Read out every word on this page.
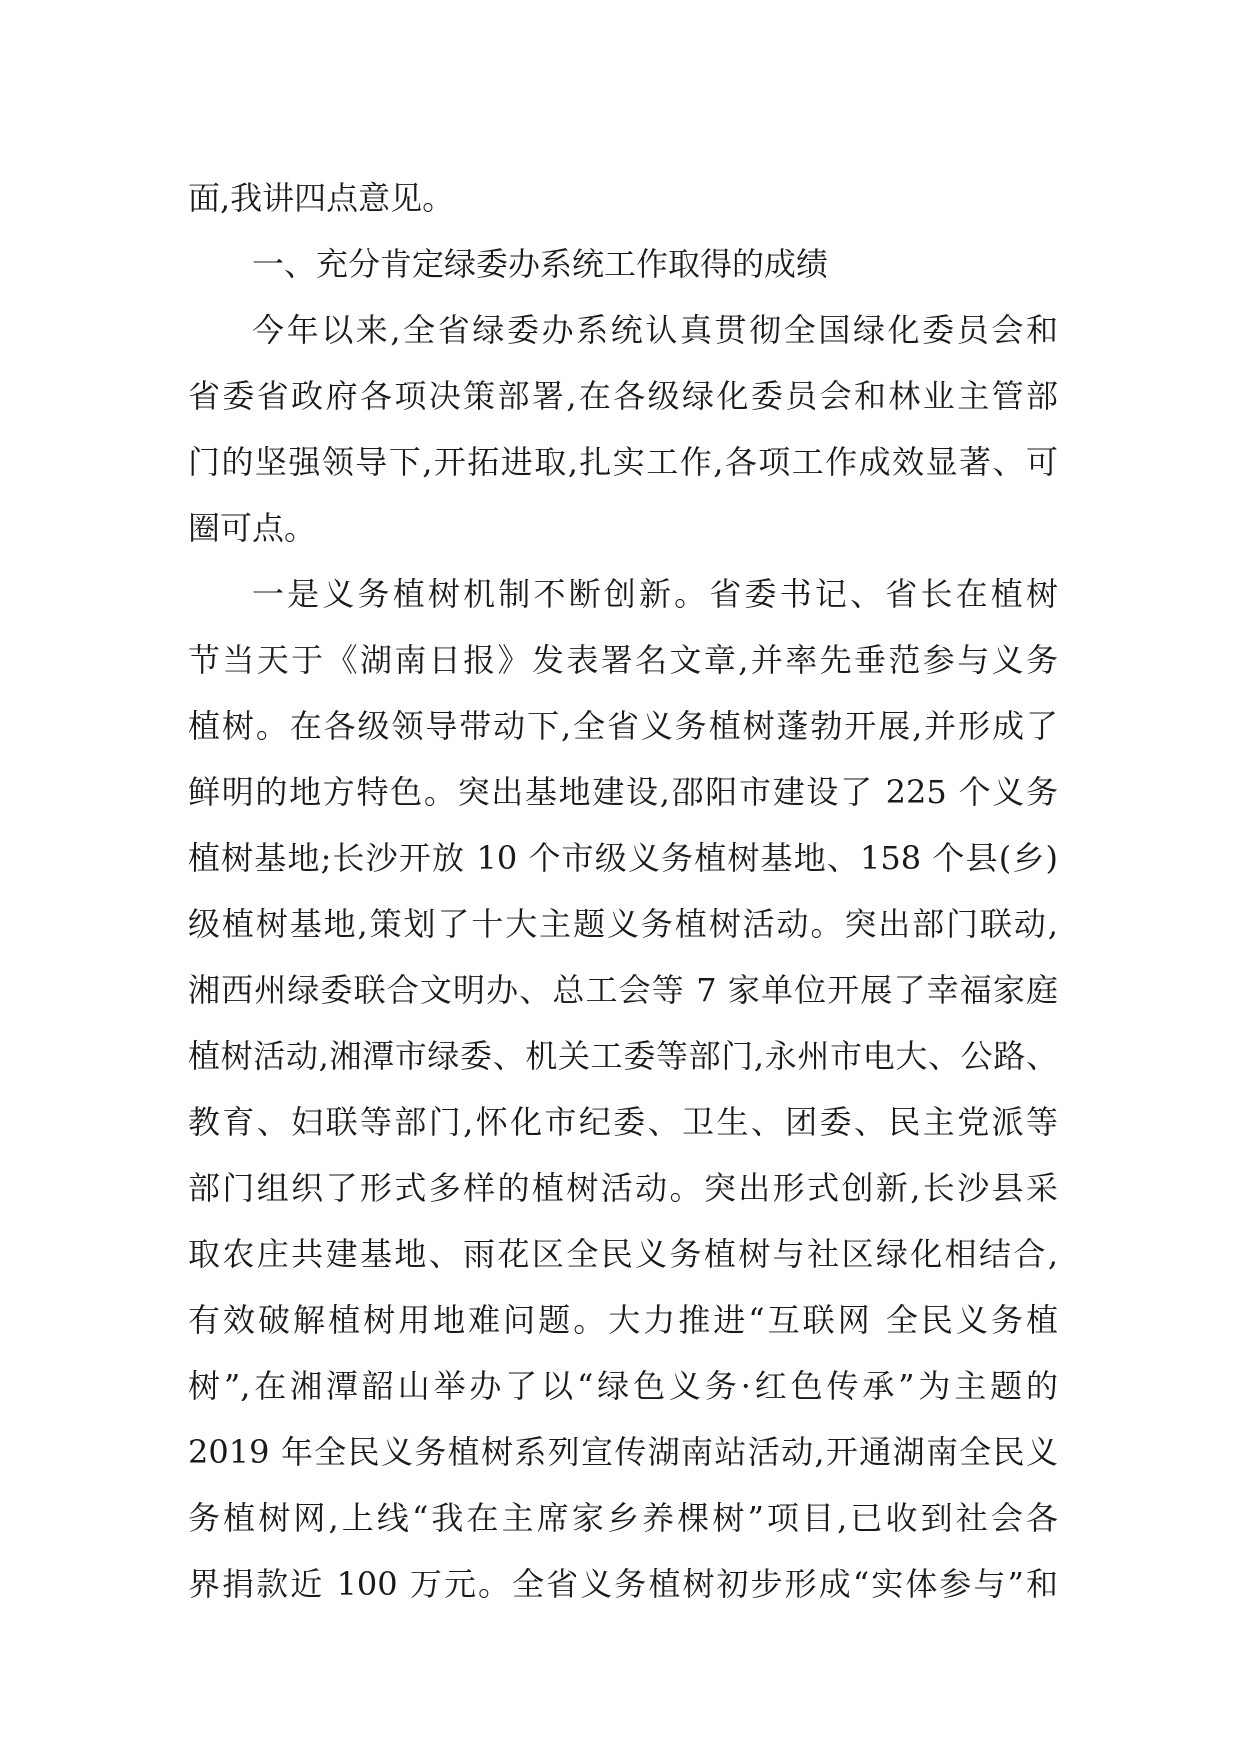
面,我讲四点意见。
一、充分肯定绿委办系统工作取得的成绩
今年以来,全省绿委办系统认真贯彻全国绿化委员会和
省委省政府各项决策部署,在各级绿化委员会和林业主管部
门的坚强领导下,开拓进取,扎实工作,各项工作成效显著、可
圈可点。
一是义务植树机制不断创新。省委书记、省长在植树
节当天于《湖南日报》发表署名文章,并率先垂范参与义务
植树。在各级领导带动下,全省义务植树蓬勃开展,并形成了
鲜明的地方特色。突出基地建设,邵阳市建设了 225 个义务
植树基地;长沙开放 10 个市级义务植树基地、158 个县(乡)
级植树基地,策划了十大主题义务植树活动。突出部门联动,
湘西州绿委联合文明办、总工会等 7 家单位开展了幸福家庭
植树活动,湘潭市绿委、机关工委等部门,永州市电大、公路、
教育、妇联等部门,怀化市纪委、卫生、团委、民主党派等
部门组织了形式多样的植树活动。突出形式创新,长沙县采
取农庄共建基地、雨花区全民义务植树与社区绿化相结合,
有效破解植树用地难问题。大力推进“互联网 全民义务植
树”,在湘潭韶山举办了以“绿色义务·红色传承”为主题的
2019 年全民义务植树系列宣传湖南站活动,开通湖南全民义
务植树网,上线“我在主席家乡养棵树”项目,已收到社会各
界捐款近 100 万元。全省义务植树初步形成“实体参与”和
